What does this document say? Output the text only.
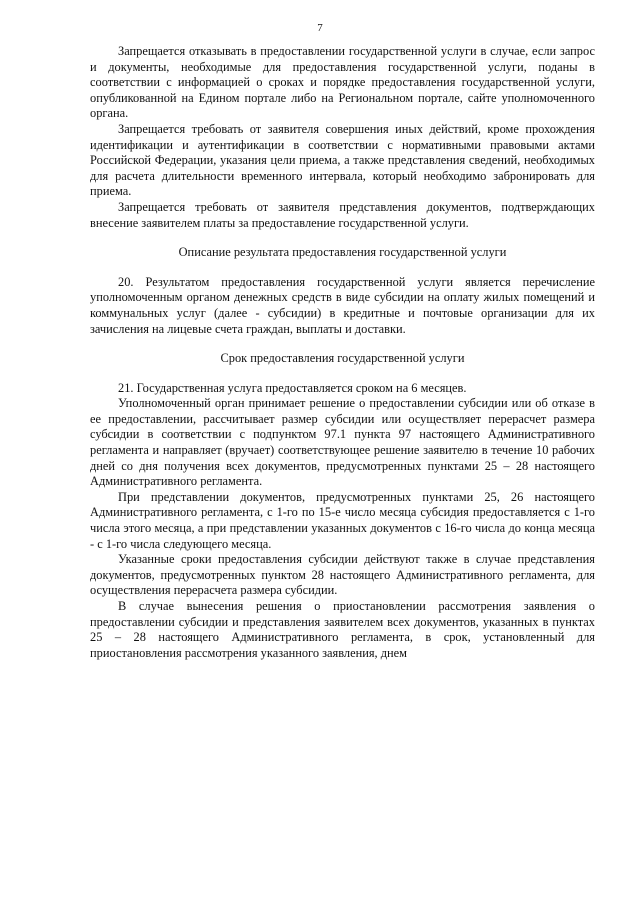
7

Запрещается отказывать в предоставлении государственной услуги в случае, если запрос и документы, необходимые для предоставления государственной услуги, поданы в соответствии с информацией о сроках и порядке предоставления государственной услуги, опубликованной на Едином портале либо на Региональном портале, сайте уполномоченного органа.

Запрещается требовать от заявителя совершения иных действий, кроме прохождения идентификации и аутентификации в соответствии с нормативными правовыми актами Российской Федерации, указания цели приема, а также представления сведений, необходимых для расчета длительности временного интервала, который необходимо забронировать для приема.

Запрещается требовать от заявителя представления документов, подтверждающих внесение заявителем платы за предоставление государственной услуги.

Описание результата предоставления государственной услуги

20. Результатом предоставления государственной услуги является перечисление уполномоченным органом денежных средств в виде субсидии на оплату жилых помещений и коммунальных услуг (далее - субсидии) в кредитные и почтовые организации для их зачисления на лицевые счета граждан, выплаты и доставки.

Срок предоставления государственной услуги

21. Государственная услуга предоставляется сроком на 6 месяцев.

Уполномоченный орган принимает решение о предоставлении субсидии или об отказе в ее предоставлении, рассчитывает размер субсидии или осуществляет перерасчет размера субсидии в соответствии с подпунктом 97.1 пункта 97 настоящего Административного регламента и направляет (вручает) соответствующее решение заявителю в течение 10 рабочих дней со дня получения всех документов, предусмотренных пунктами 25 – 28 настоящего Административного регламента.

При представлении документов, предусмотренных пунктами 25, 26 настоящего Административного регламента, с 1-го по 15-е число месяца субсидия предоставляется с 1-го числа этого месяца, а при представлении указанных документов с 16-го числа до конца месяца - с 1-го числа следующего месяца.

Указанные сроки предоставления субсидии действуют также в случае представления документов, предусмотренных пунктом 28 настоящего Административного регламента, для осуществления перерасчета размера субсидии.

В случае вынесения решения о приостановлении рассмотрения заявления о предоставлении субсидии и представления заявителем всех документов, указанных в пунктах 25 – 28 настоящего Административного регламента, в срок, установленный для приостановления рассмотрения указанного заявления, днем
